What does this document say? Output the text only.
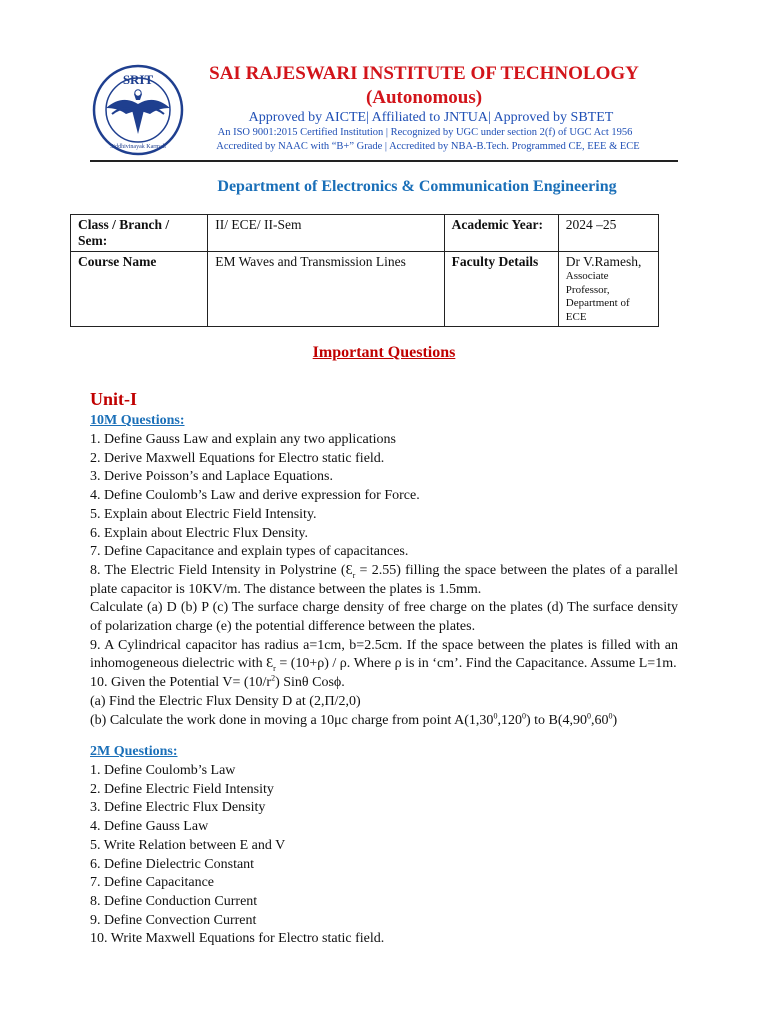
SRIT
Siddhivinayak Karmali
SAI RAJESWARI INSTITUTE OF TECHNOLOGY
(Autonomous)
Approved by AICTE| Affiliated to JNTUA| Approved by SBTET
An ISO 9001:2015 Certified Institution | Recognized by UGC under section 2(f) of UGC Act 1956
Accredited by NAAC with “B+” Grade | Accredited by NBA-B.Tech. Programmed CE, EEE & ECE
Department of Electronics & Communication Engineering
Class / Branch / Sem:	II/ ECE/ II-Sem	Academic Year:	2024 –25
Course Name	EM Waves and Transmission Lines	Faculty Details	Dr V.Ramesh,
Associate Professor, Department of ECE
Important Questions
Unit-I
10M Questions:
1. Define Gauss Law and explain any two applications
2. Derive Maxwell Equations for Electro static field.
3. Derive Poisson’s and Laplace Equations.
4. Define Coulomb’s Law and derive expression for Force.
5. Explain about Electric Field Intensity.
6. Explain about Electric Flux Density.
7. Define Capacitance and explain types of capacitances.
8. The Electric Field Intensity in Polystrine $(Ɛ_r = 2.55)$ filling the space between the plates of a parallel plate capacitor is 10KV/m. The distance between the plates is 1.5mm.
Calculate (a) D (b) P (c) The surface charge density of free charge on the plates (d) The surface density of polarization charge (e) the potential difference between the plates.
9. A Cylindrical capacitor has radius a=1cm, b=2.5cm. If the space between the plates is filled with an inhomogeneous dielectric with $Ɛ_r = (10+\rho) / \rho$. Where ρ is in ‘cm’. Find the Capacitance. Assume L=1m.
10. Given the Potential $V= (10/r^2)$ Sinθ Cosϕ.
(a) Find the Electric Flux Density D at (2,Π/2,0)
(b) Calculate the work done in moving a 10μc charge from point A(1,30$^0$,120$^0$) to $B(4,90^0,60^0)$
2M Questions:
1. Define Coulomb’s Law
2. Define Electric Field Intensity
3. Define Electric Flux Density
4. Define Gauss Law
5. Write Relation between E and V
6. Define Dielectric Constant
7. Define Capacitance
8. Define Conduction Current
9. Define Convection Current
10. Write Maxwell Equations for Electro static field.
